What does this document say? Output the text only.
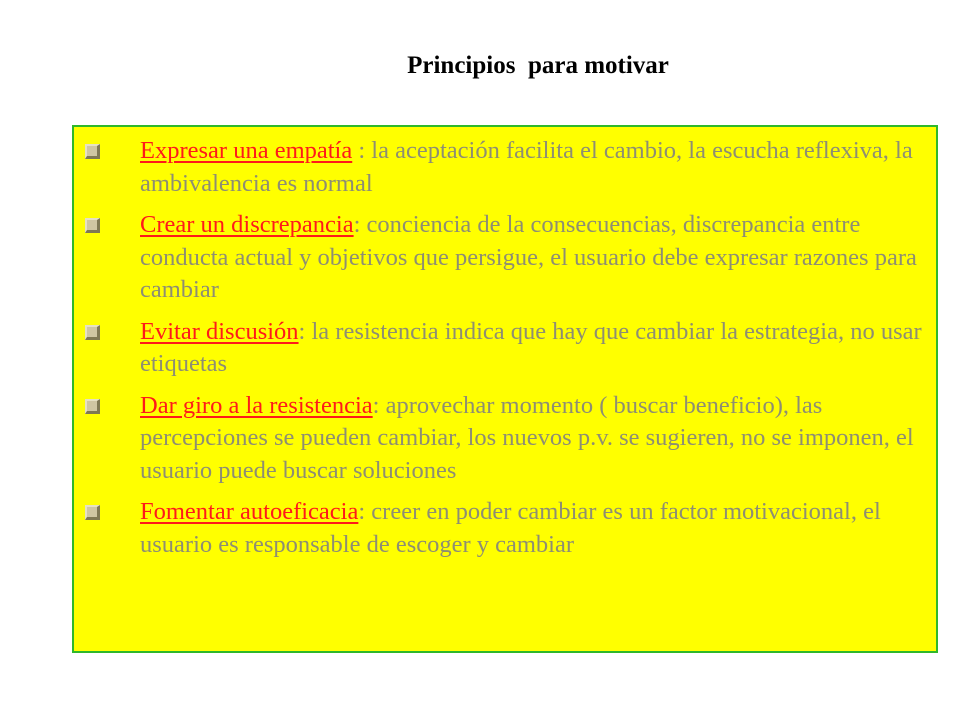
Principios  para motivar
Expresar una empatía : la aceptación facilita el cambio, la escucha reflexiva, la ambivalencia es normal
Crear un discrepancia: conciencia de la consecuencias, discrepancia entre conducta actual y objetivos que persigue, el usuario debe expresar razones para cambiar
Evitar discusión: la resistencia indica que hay que cambiar la estrategia, no usar etiquetas
Dar giro a la resistencia: aprovechar momento ( buscar beneficio), las percepciones se pueden cambiar, los nuevos p.v. se sugieren, no se imponen, el usuario puede buscar soluciones
Fomentar autoeficacia: creer en poder cambiar es un factor motivacional, el usuario es responsable de escoger y cambiar
